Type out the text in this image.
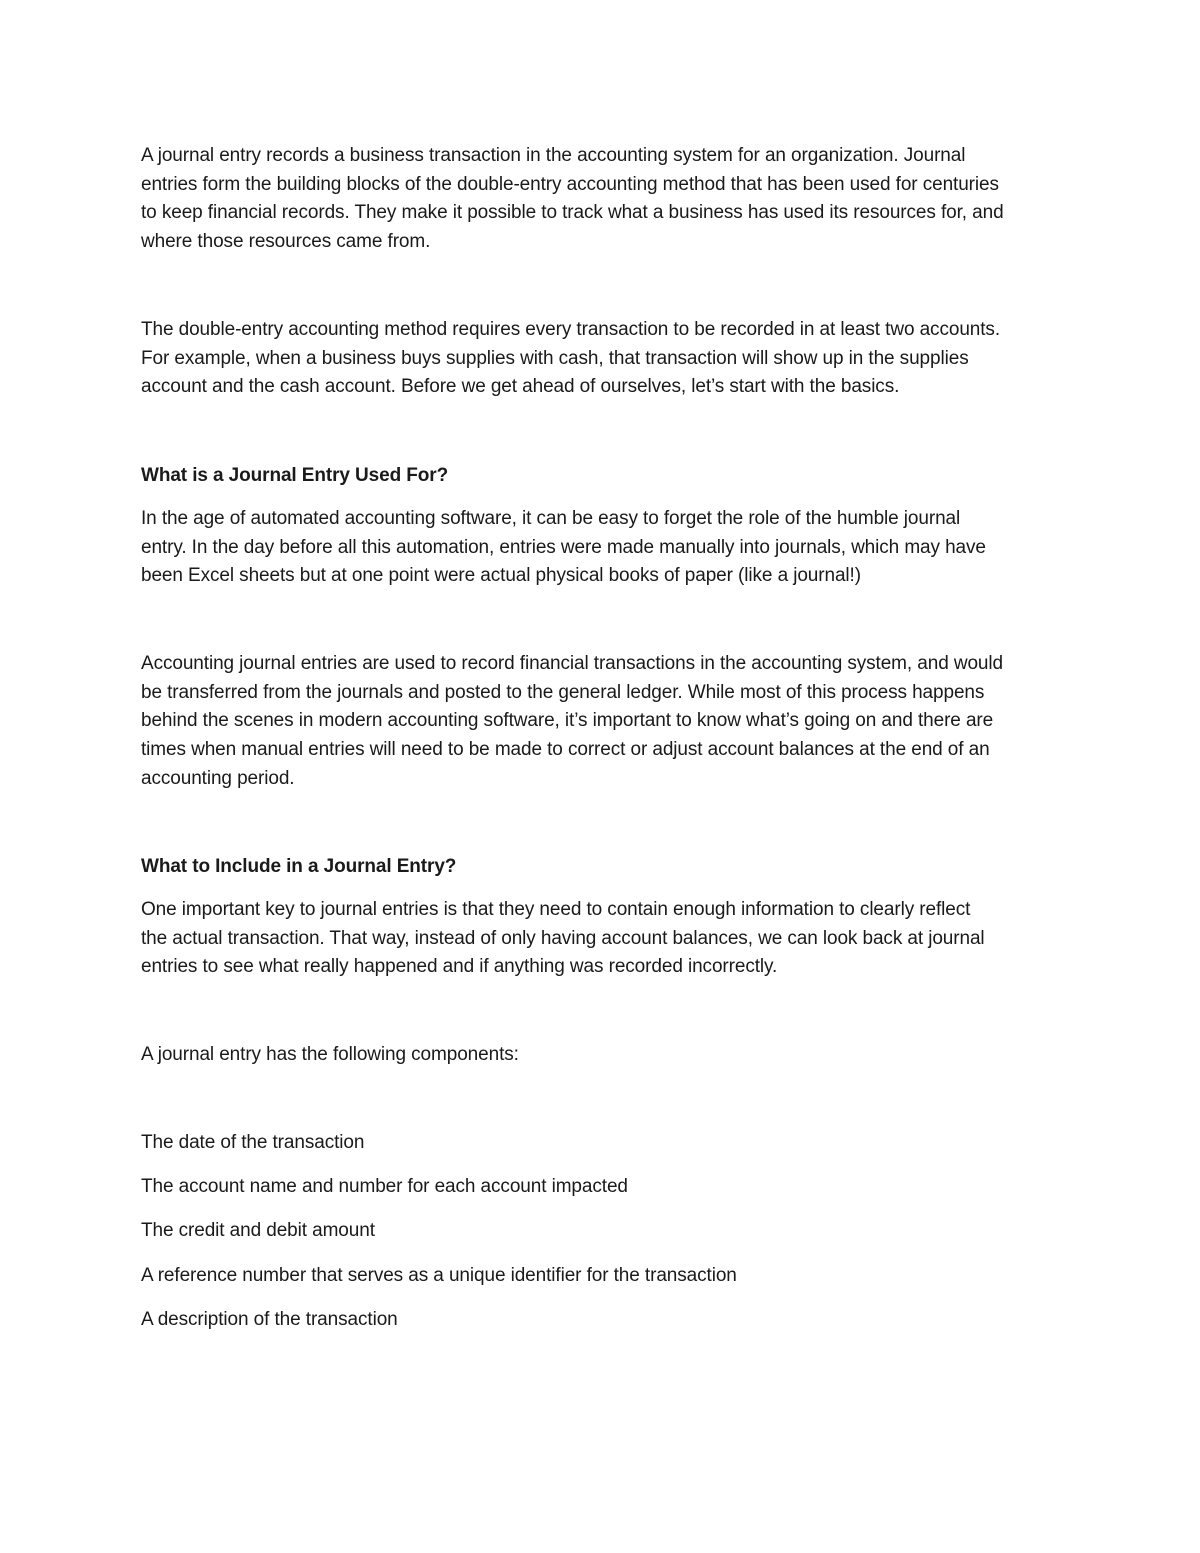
A journal entry records a business transaction in the accounting system for an organization. Journal
entries form the building blocks of the double-entry accounting method that has been used for centuries
to keep financial records. They make it possible to track what a business has used its resources for, and
where those resources came from.

The double-entry accounting method requires every transaction to be recorded in at least two accounts.
For example, when a business buys supplies with cash, that transaction will show up in the supplies
account and the cash account. Before we get ahead of ourselves, let’s start with the basics.

What is a Journal Entry Used For?

In the age of automated accounting software, it can be easy to forget the role of the humble journal
entry. In the day before all this automation, entries were made manually into journals, which may have
been Excel sheets but at one point were actual physical books of paper (like a journal!)

Accounting journal entries are used to record financial transactions in the accounting system, and would
be transferred from the journals and posted to the general ledger. While most of this process happens
behind the scenes in modern accounting software, it’s important to know what’s going on and there are
times when manual entries will need to be made to correct or adjust account balances at the end of an
accounting period.

What to Include in a Journal Entry?

One important key to journal entries is that they need to contain enough information to clearly reflect
the actual transaction. That way, instead of only having account balances, we can look back at journal
entries to see what really happened and if anything was recorded incorrectly.

A journal entry has the following components:

The date of the transaction

The account name and number for each account impacted

The credit and debit amount

A reference number that serves as a unique identifier for the transaction

A description of the transaction
